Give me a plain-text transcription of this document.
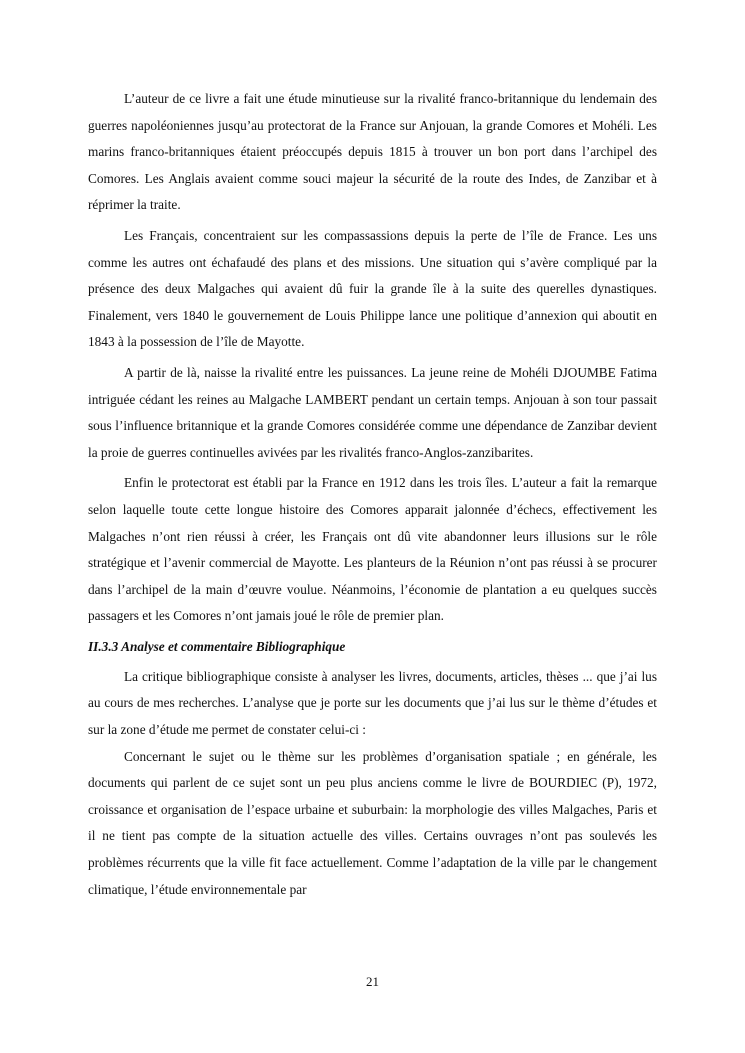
L’auteur de ce livre a fait une étude minutieuse sur la rivalité franco-britannique du lendemain des guerres napoléoniennes jusqu’au protectorat de la France sur Anjouan, la grande Comores et Mohéli. Les marins franco-britanniques étaient préoccupés depuis 1815 à trouver un bon port dans l’archipel des Comores. Les Anglais avaient comme souci majeur la sécurité de la route des Indes, de Zanzibar et à réprimer la traite.

Les Français, concentraient sur les compassassions depuis la perte de l’île de France. Les uns comme les autres ont échafaudé des plans et des missions. Une situation qui s’avère compliqué par la présence des deux Malgaches qui avaient dû fuir la grande île à la suite des querelles dynastiques. Finalement, vers 1840 le gouvernement de Louis Philippe lance une politique d’annexion qui aboutit en 1843 à la possession de l’île de Mayotte.

A partir de là, naisse la rivalité entre les puissances. La jeune reine de Mohéli DJOUMBE Fatima intriguée cédant les reines au Malgache LAMBERT pendant un certain temps. Anjouan à son tour passait sous l’influence britannique et la grande Comores considérée comme une dépendance de Zanzibar devient la proie de guerres continuelles avivées par les rivalités franco-Anglos-zanzibarites.

Enfin le protectorat est établi par la France en 1912 dans les trois îles. L’auteur a fait la remarque selon laquelle toute cette longue histoire des Comores apparait jalonnée d’échecs, effectivement les Malgaches n’ont rien réussi à créer, les Français ont dû vite abandonner leurs illusions sur le rôle stratégique et l’avenir commercial de Mayotte. Les planteurs de la Réunion n’ont pas réussi à se procurer dans l’archipel de la main d’œuvre voulue. Néanmoins, l’économie de plantation a eu quelques succès passagers et les Comores n’ont jamais joué le rôle de premier plan.

II.3.3 Analyse et commentaire Bibliographique

La critique bibliographique consiste à analyser les livres, documents, articles, thèses ... que j’ai lus au cours de mes recherches. L’analyse que je porte sur les documents que j’ai lus sur le thème d’études et sur la zone d’étude me permet de constater celui-ci :

Concernant le sujet ou le thème sur les problèmes d’organisation spatiale ; en générale, les documents qui parlent de ce sujet sont un peu plus anciens comme le livre de BOURDIEC (P), 1972, croissance et organisation de l’espace urbaine et suburbain: la morphologie des villes Malgaches, Paris et il ne tient pas compte de la situation actuelle des villes. Certains ouvrages n’ont pas soulevés les problèmes récurrents que la ville fit face actuellement. Comme l’adaptation de la ville par le changement climatique, l’étude environnementale par

21
